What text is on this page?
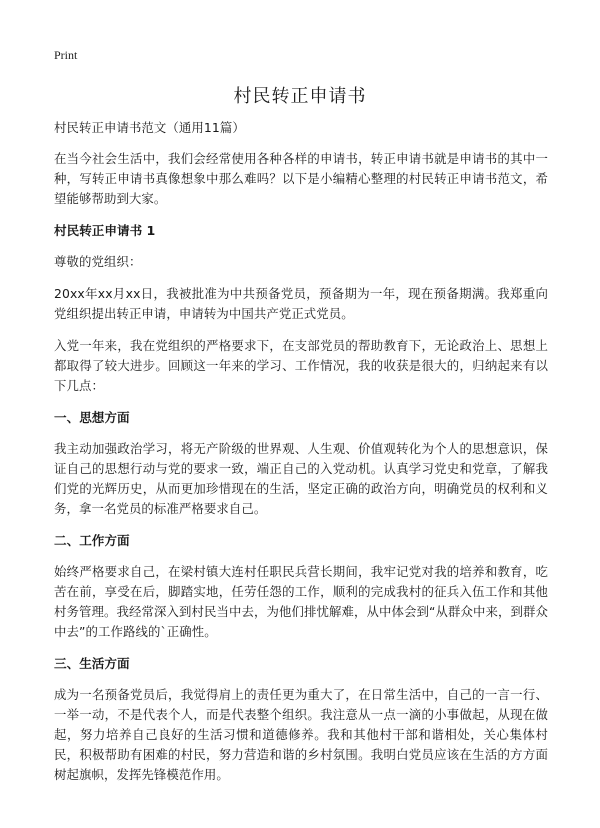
Print
村民转正申请书

村民转正申请书范文（通用11篇）

在当今社会生活中，我们会经常使用各种各样的申请书，转正申请书就是申请书的其中一种，写转正申请书真像想象中那么难吗？以下是小编精心整理的村民转正申请书范文，希望能够帮助到大家。

村民转正申请书 1

尊敬的党组织：

20xx年xx月xx日，我被批准为中共预备党员，预备期为一年，现在预备期满。我郑重向党组织提出转正申请，申请转为中国共产党正式党员。

入党一年来，我在党组织的严格要求下，在支部党员的帮助教育下，无论政治上、思想上都取得了较大进步。回顾这一年来的学习、工作情况，我的收获是很大的，归纳起来有以下几点：

一、思想方面

我主动加强政治学习，将无产阶级的世界观、人生观、价值观转化为个人的思想意识，保证自己的思想行动与党的要求一致，端正自己的入党动机。认真学习党史和党章，了解我们党的光辉历史，从而更加珍惜现在的生活，坚定正确的政治方向，明确党员的权利和义务，拿一名党员的标准严格要求自己。

二、工作方面

始终严格要求自己，在梁村镇大连村任职民兵营长期间，我牢记党对我的培养和教育，吃苦在前，享受在后，脚踏实地，任劳任怨的工作，顺利的完成我村的征兵入伍工作和其他村务管理。我经常深入到村民当中去，为他们排忧解难，从中体会到“从群众中来，到群众中去”的工作路线的`正确性。

三、生活方面

成为一名预备党员后，我觉得肩上的责任更为重大了，在日常生活中，自己的一言一行、一举一动，不是代表个人，而是代表整个组织。我注意从一点一滴的小事做起，从现在做起，努力培养自己良好的生活习惯和道德修养。我和其他村干部和谐相处，关心集体村民，积极帮助有困难的村民，努力营造和谐的乡村氛围。我明白党员应该在生活的方方面 树起旗帜，发挥先锋模范作用。
